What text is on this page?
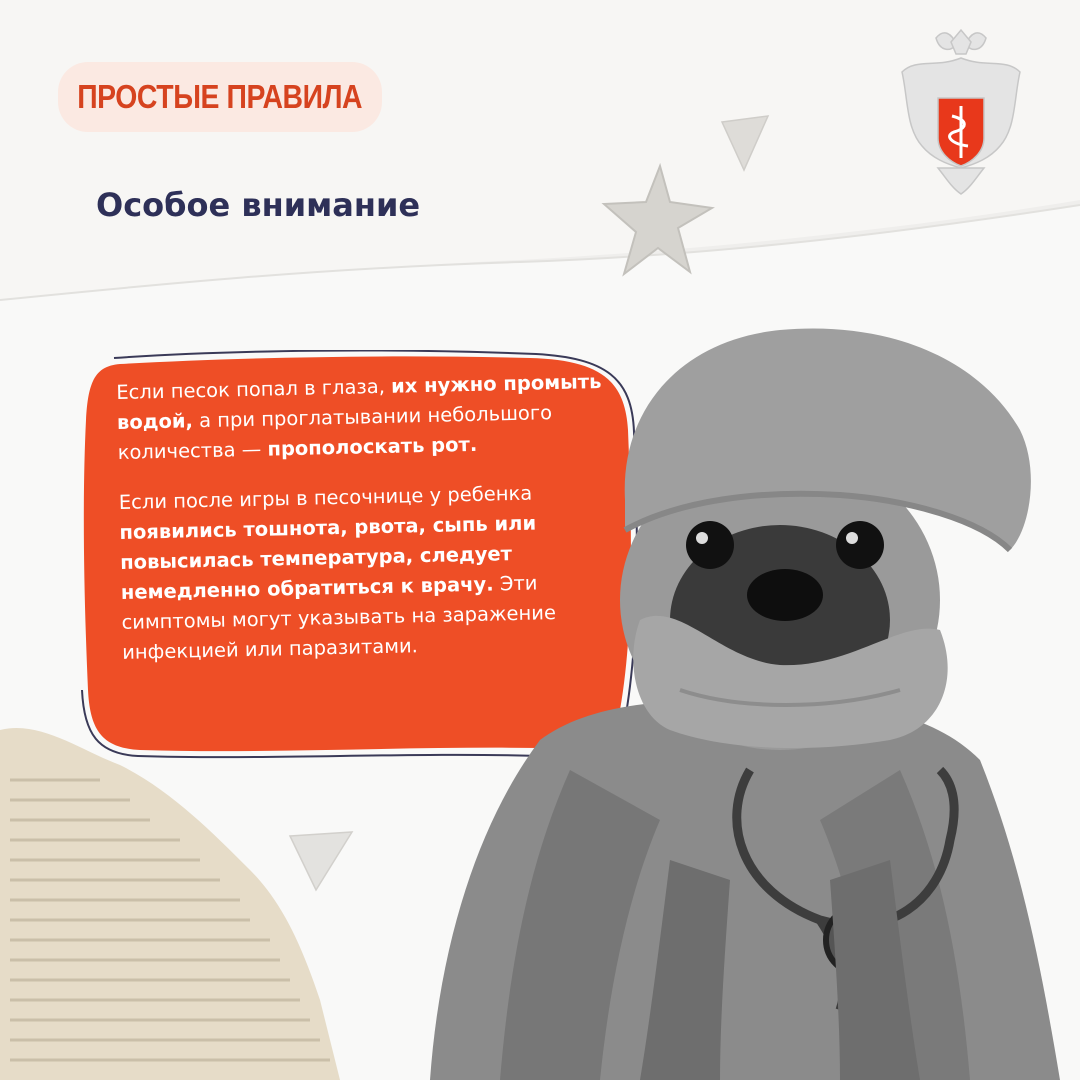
ПРОСТЫЕ ПРАВИЛА
Особое внимание

Если песок попал в глаза, их нужно промыть водой, а при проглатывании небольшого количества — прополоскать рот.

Если после игры в песочнице у ребенка появились тошнота, рвота, сыпь или повысилась температура, следует немедленно обратиться к врачу. Эти симптомы могут указывать на заражение инфекцией или паразитами.
